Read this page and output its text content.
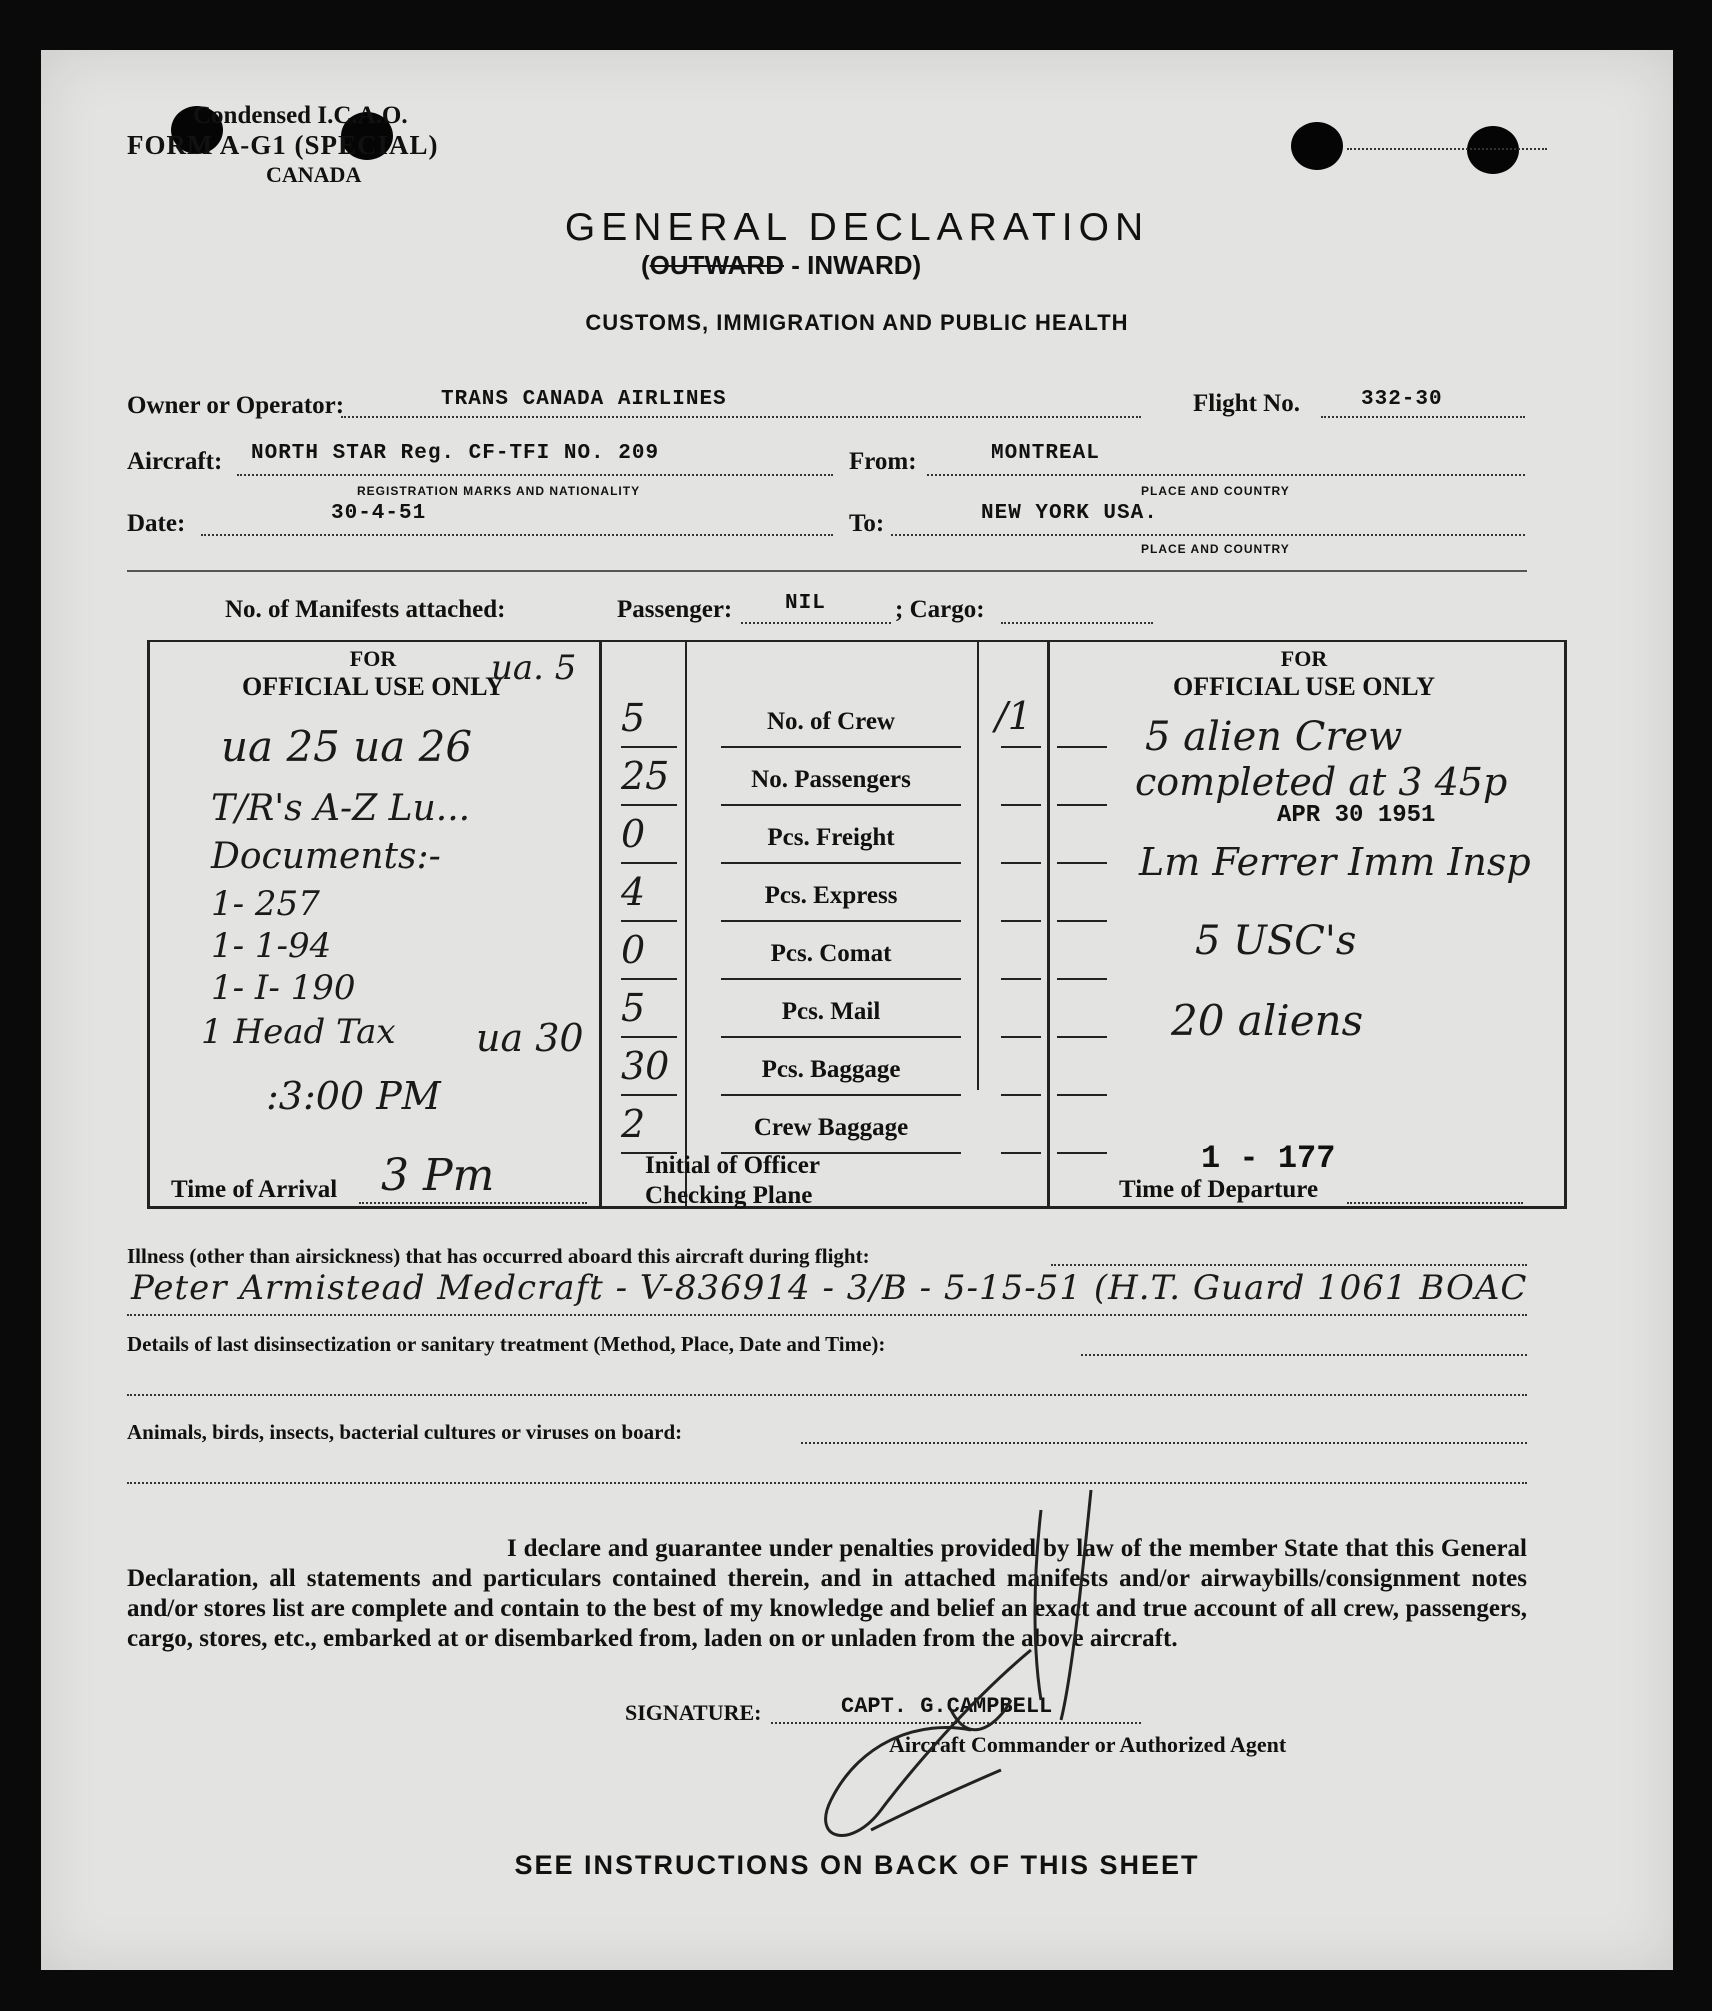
Condensed I.C.A.O.
FORM A-G1 (SPECIAL)
CANADA
GENERAL DECLARATION
(OUTWARD - INWARD)
CUSTOMS, IMMIGRATION AND PUBLIC HEALTH
Owner or Operator:	TRANS CANADA AIRLINES	Flight No.	332-30
Aircraft: NORTH STAR Reg. CF-TFI NO. 209
REGISTRATION MARKS AND NATIONALITY
From:	MONTREAL
PLACE AND COUNTRY
Date:	30-4-51	To:	NEW YORK USA.
PLACE AND COUNTRY
No. of Manifests attached:	Passenger:	NIL	; Cargo:
FOR
OFFICIAL USE ONLY
FOR
OFFICIAL USE ONLY
No. of Crew
5	/1
No. Passengers
25
Pcs. Freight
0
Pcs. Express
4
Pcs. Comat
0
Pcs. Mail
5
Pcs. Baggage
30
Crew Baggage
2
ua. 5
ua 25 ua 26
T/R's A-Z Lu...
Documents:-
1- 257
1- 1-94
1- I- 190
1 Head Tax ua 30
:3:00 PM
Time of Arrival 3 Pm	Initial of Officer
Checking Plane
5 alien Crew
completed at 3 45p
APR 30 1951
Lm Ferrer Imm Insp
5 USC's
20 aliens
1 - 177
Time of Departure
Illness (other than airsickness) that has occurred aboard this aircraft during flight:
Peter Armistead Medcraft - V-836914 - 3/B - 5-15-51 (H.T. Guard 1061 BOAC
Details of last disinsectization or sanitary treatment (Method, Place, Date and Time):
Animals, birds, insects, bacterial cultures or viruses on board:
I declare and guarantee under penalties provided by law of the member State that this General Declaration, all statements and particulars contained therein, and in attached manifests and/or airwaybills/consignment notes and/or stores list are complete and contain to the best of my knowledge and belief an exact and true account of all crew, passengers, cargo, stores, etc., embarked at or disembarked from, laden on or unladen from the above aircraft.
SIGNATURE:	CAPT. G.CAMPBELL
Aircraft Commander or Authorized Agent
SEE INSTRUCTIONS ON BACK OF THIS SHEET
